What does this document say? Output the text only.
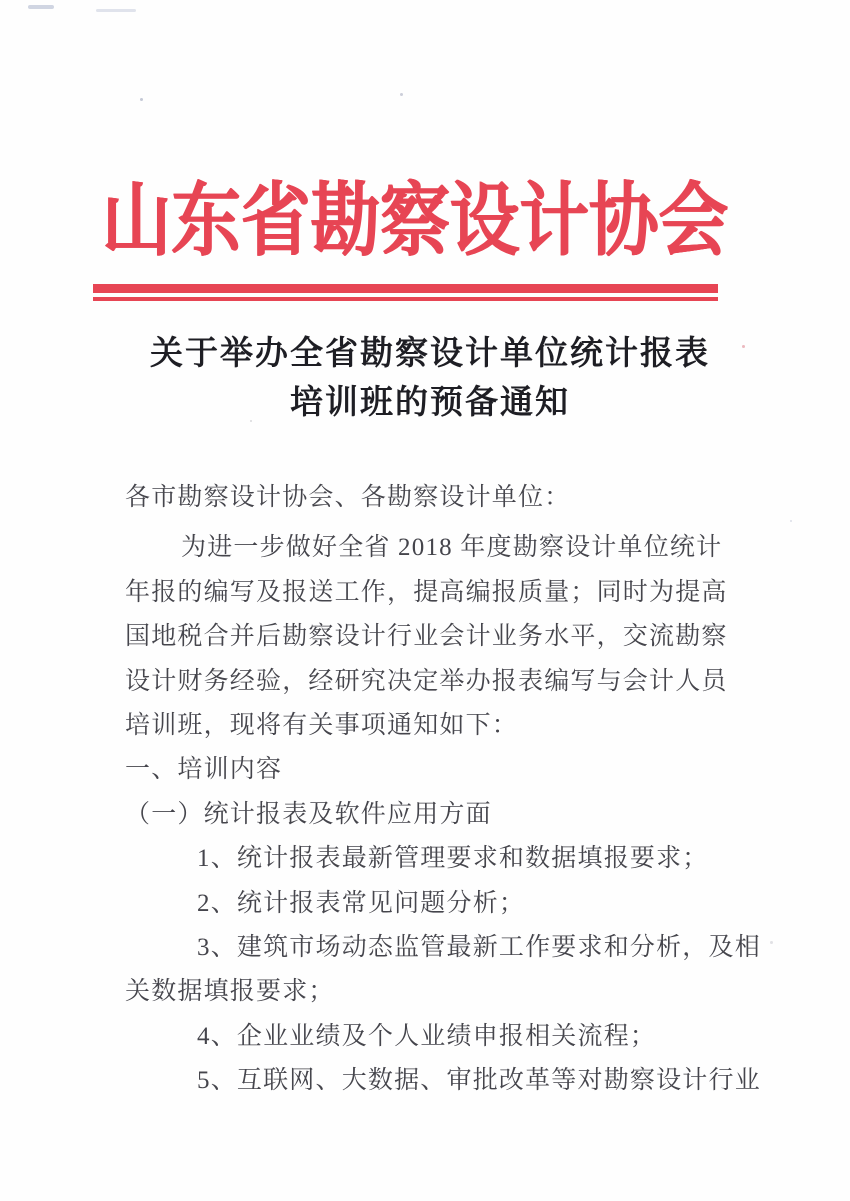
山东省勘察设计协会
关于举办全省勘察设计单位统计报表
培训班的预备通知
各市勘察设计协会、各勘察设计单位：
为进一步做好全省 2018 年度勘察设计单位统计
年报的编写及报送工作，提高编报质量；同时为提高
国地税合并后勘察设计行业会计业务水平，交流勘察
设计财务经验，经研究决定举办报表编写与会计人员
培训班，现将有关事项通知如下：
一、培训内容
（一）统计报表及软件应用方面
1、统计报表最新管理要求和数据填报要求；
2、统计报表常见问题分析；
3、建筑市场动态监管最新工作要求和分析，及相
关数据填报要求；
4、企业业绩及个人业绩申报相关流程；
5、互联网、大数据、审批改革等对勘察设计行业
